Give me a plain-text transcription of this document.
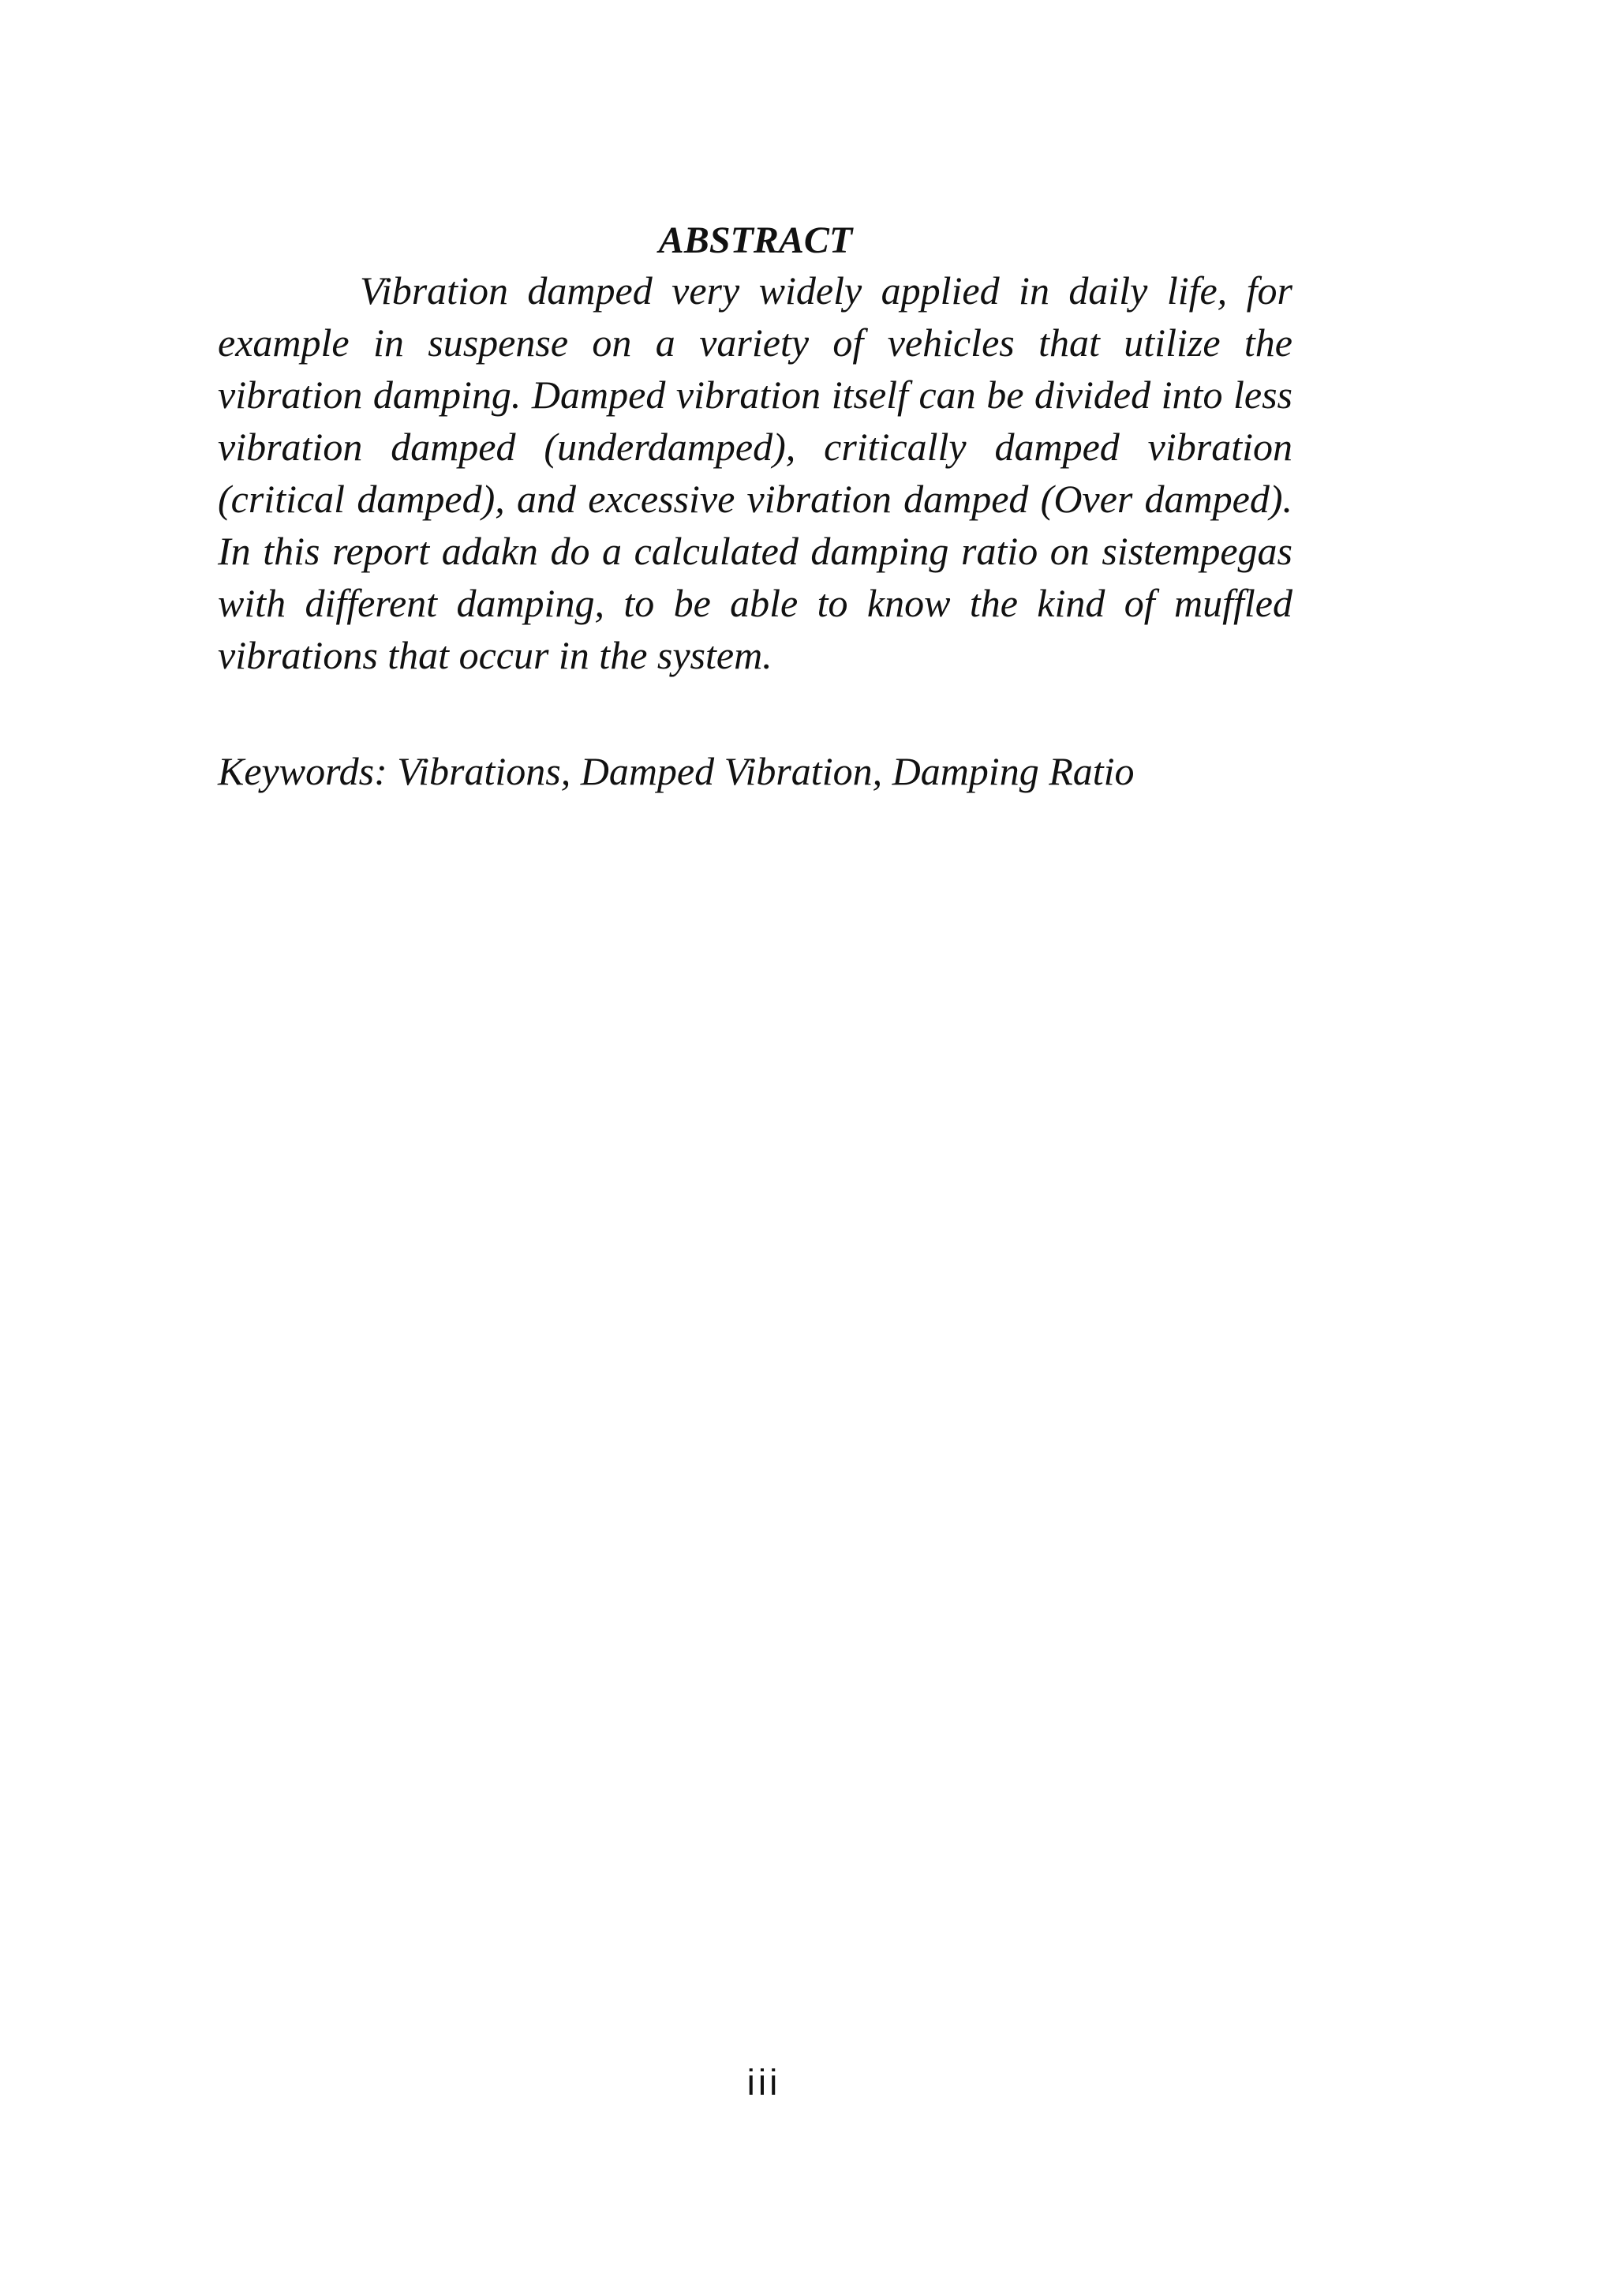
ABSTRACT

Vibration damped very widely applied in daily life, for example in suspense on a variety of vehicles that utilize the vibration damping. Damped vibration itself can be divided into less vibration damped (underdamped), critically damped vibration (critical damped), and excessive vibration damped (Over damped). In this report adakn do a calculated damping ratio on sistempegas with different damping, to be able to know the kind of muffled vibrations that occur in the system.

Keywords: Vibrations, Damped Vibration, Damping Ratio

iii
